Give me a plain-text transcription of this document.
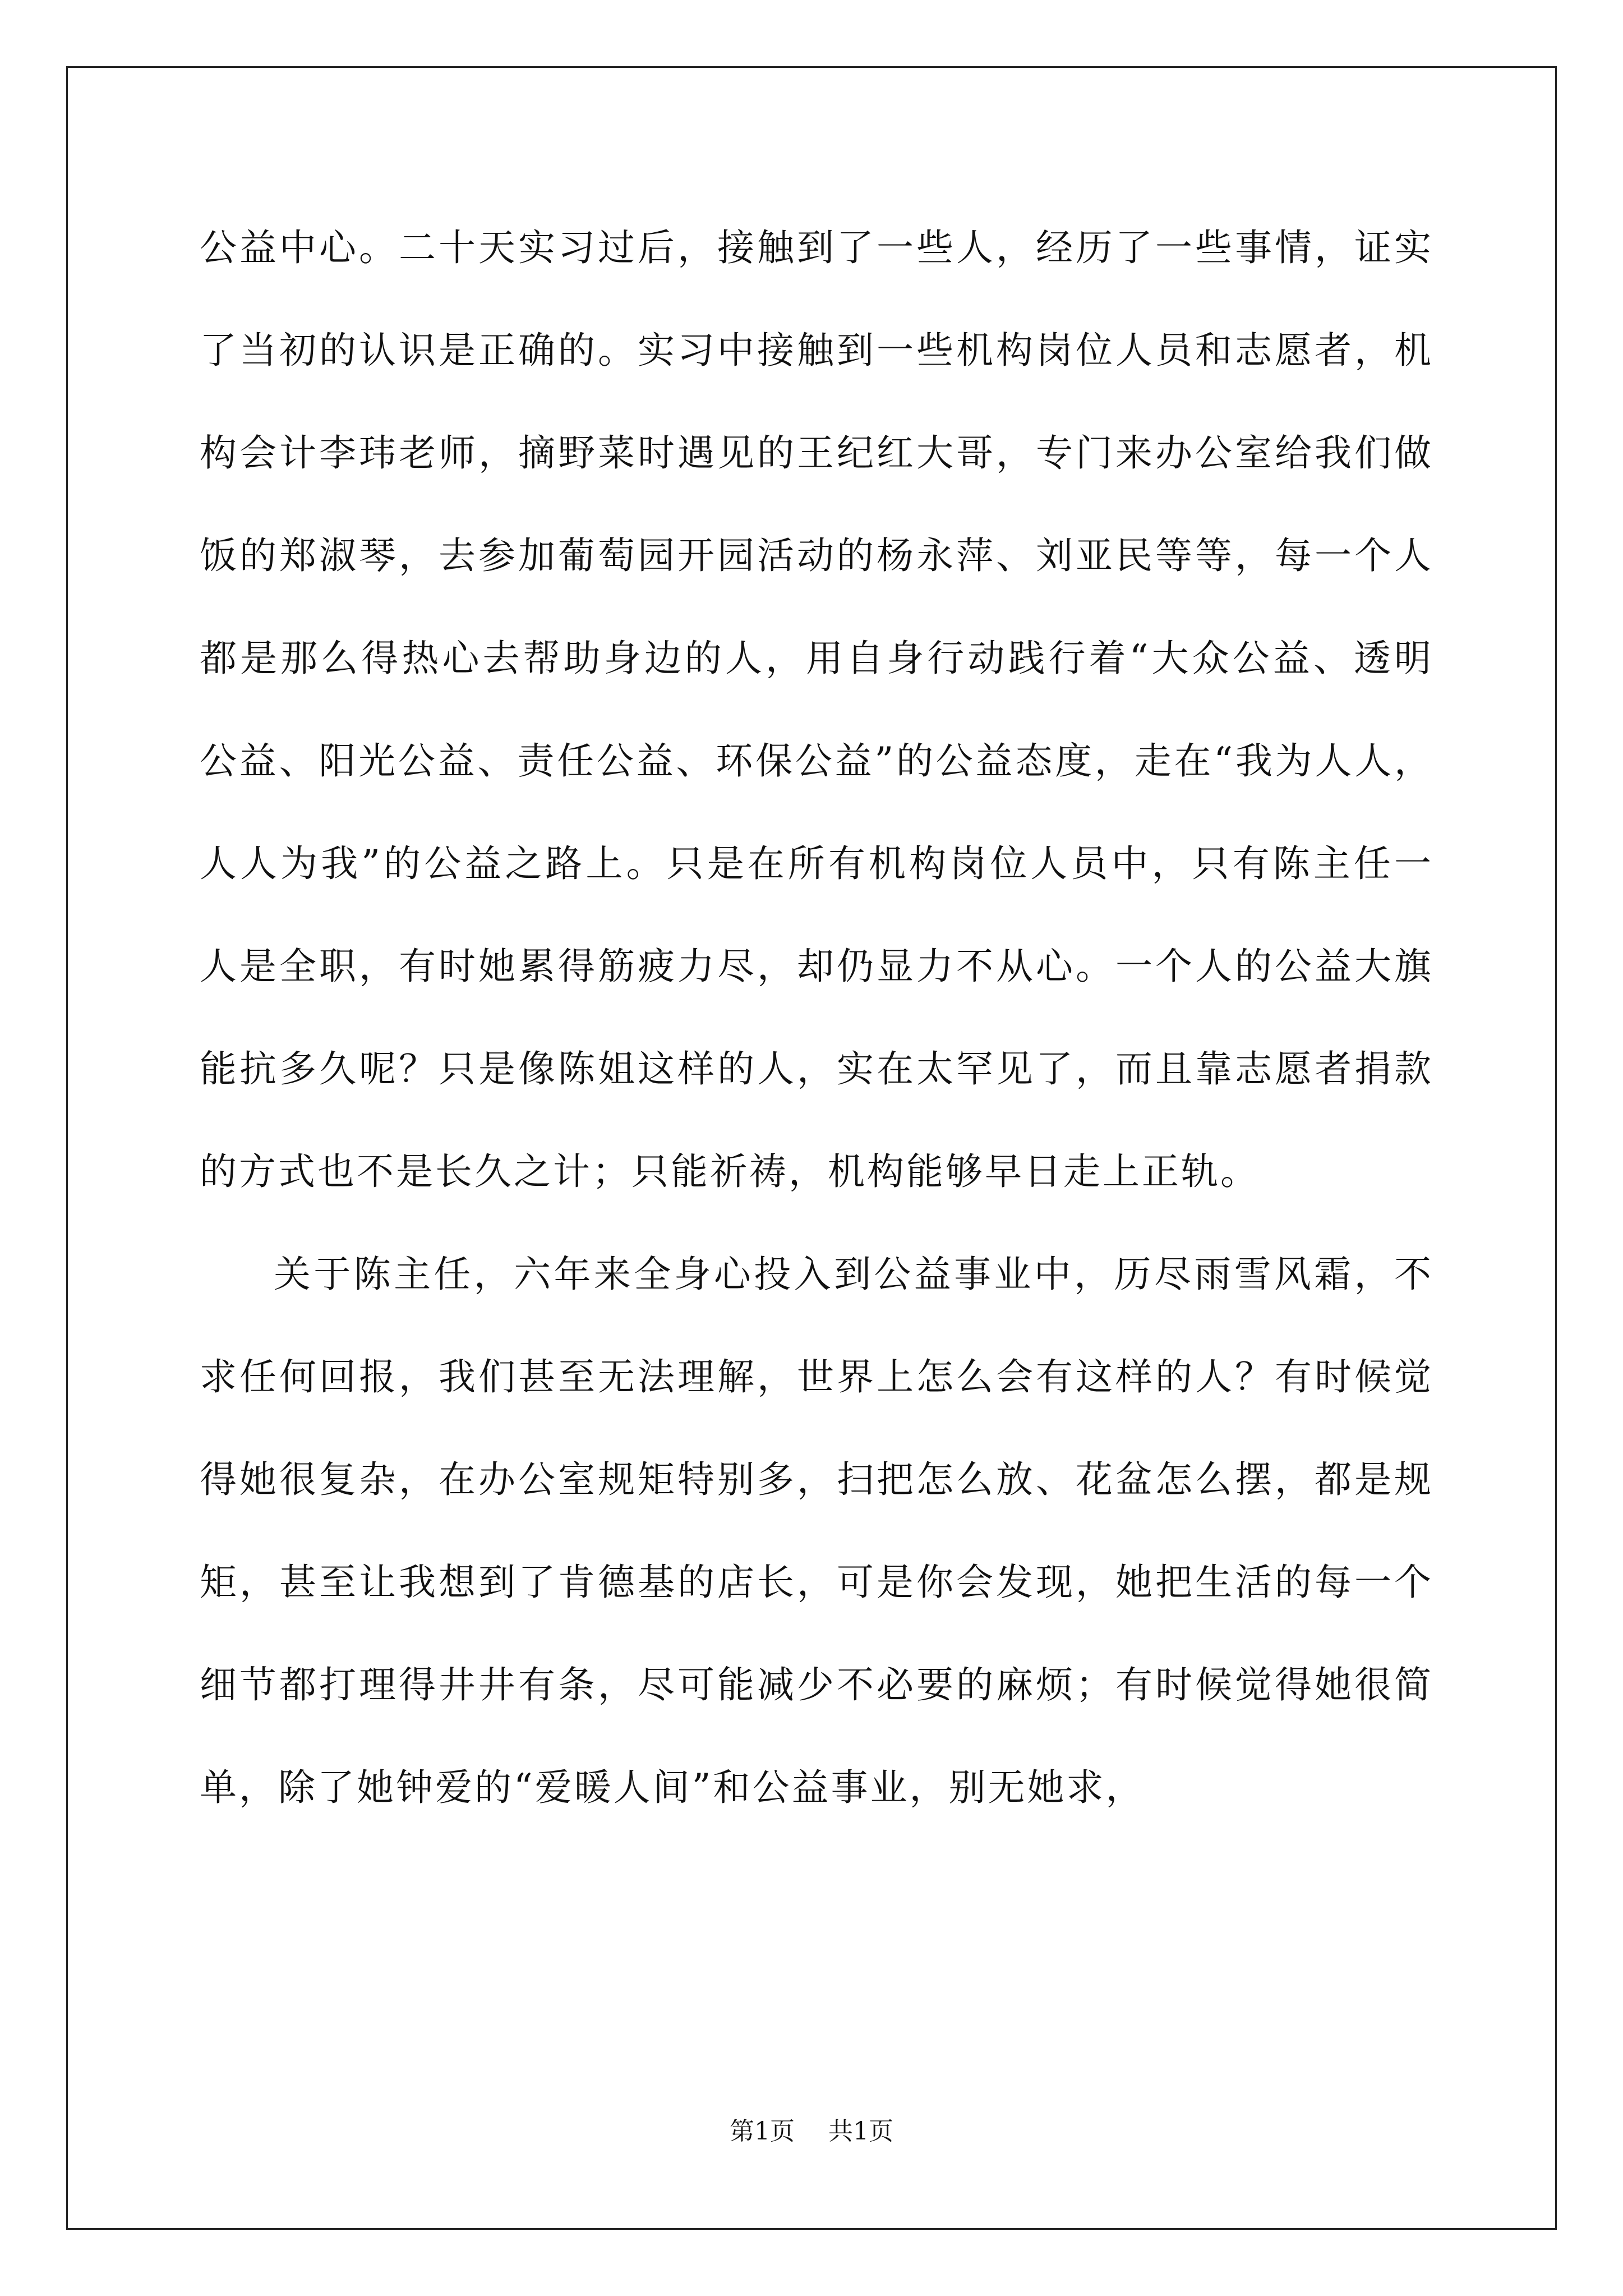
公益中心。二十天实习过后，接触到了一些人，经历了一些事情，证实了当初的认识是正确的。实习中接触到一些机构岗位人员和志愿者，机构会计李玮老师，摘野菜时遇见的王纪红大哥，专门来办公室给我们做饭的郑淑琴，去参加葡萄园开园活动的杨永萍、刘亚民等等，每一个人都是那么得热心去帮助身边的人，用自身行动践行着“大众公益、透明公益、阳光公益、责任公益、环保公益”的公益态度，走在“我为人人，人人为我”的公益之路上。只是在所有机构岗位人员中，只有陈主任一人是全职，有时她累得筋疲力尽，却仍显力不从心。一个人的公益大旗能抗多久呢？只是像陈姐这样的人，实在太罕见了，而且靠志愿者捐款的方式也不是长久之计；只能祈祷，机构能够早日走上正轨。

关于陈主任，六年来全身心投入到公益事业中，历尽雨雪风霜，不求任何回报，我们甚至无法理解，世界上怎么会有这样的人？有时候觉得她很复杂，在办公室规矩特别多，扫把怎么放、花盆怎么摆，都是规矩，甚至让我想到了肯德基的店长，可是你会发现，她把生活的每一个细节都打理得井井有条，尽可能减少不必要的麻烦；有时候觉得她很简单，除了她钟爱的“爱暖人间”和公益事业，别无她求，

第1页 共1页
